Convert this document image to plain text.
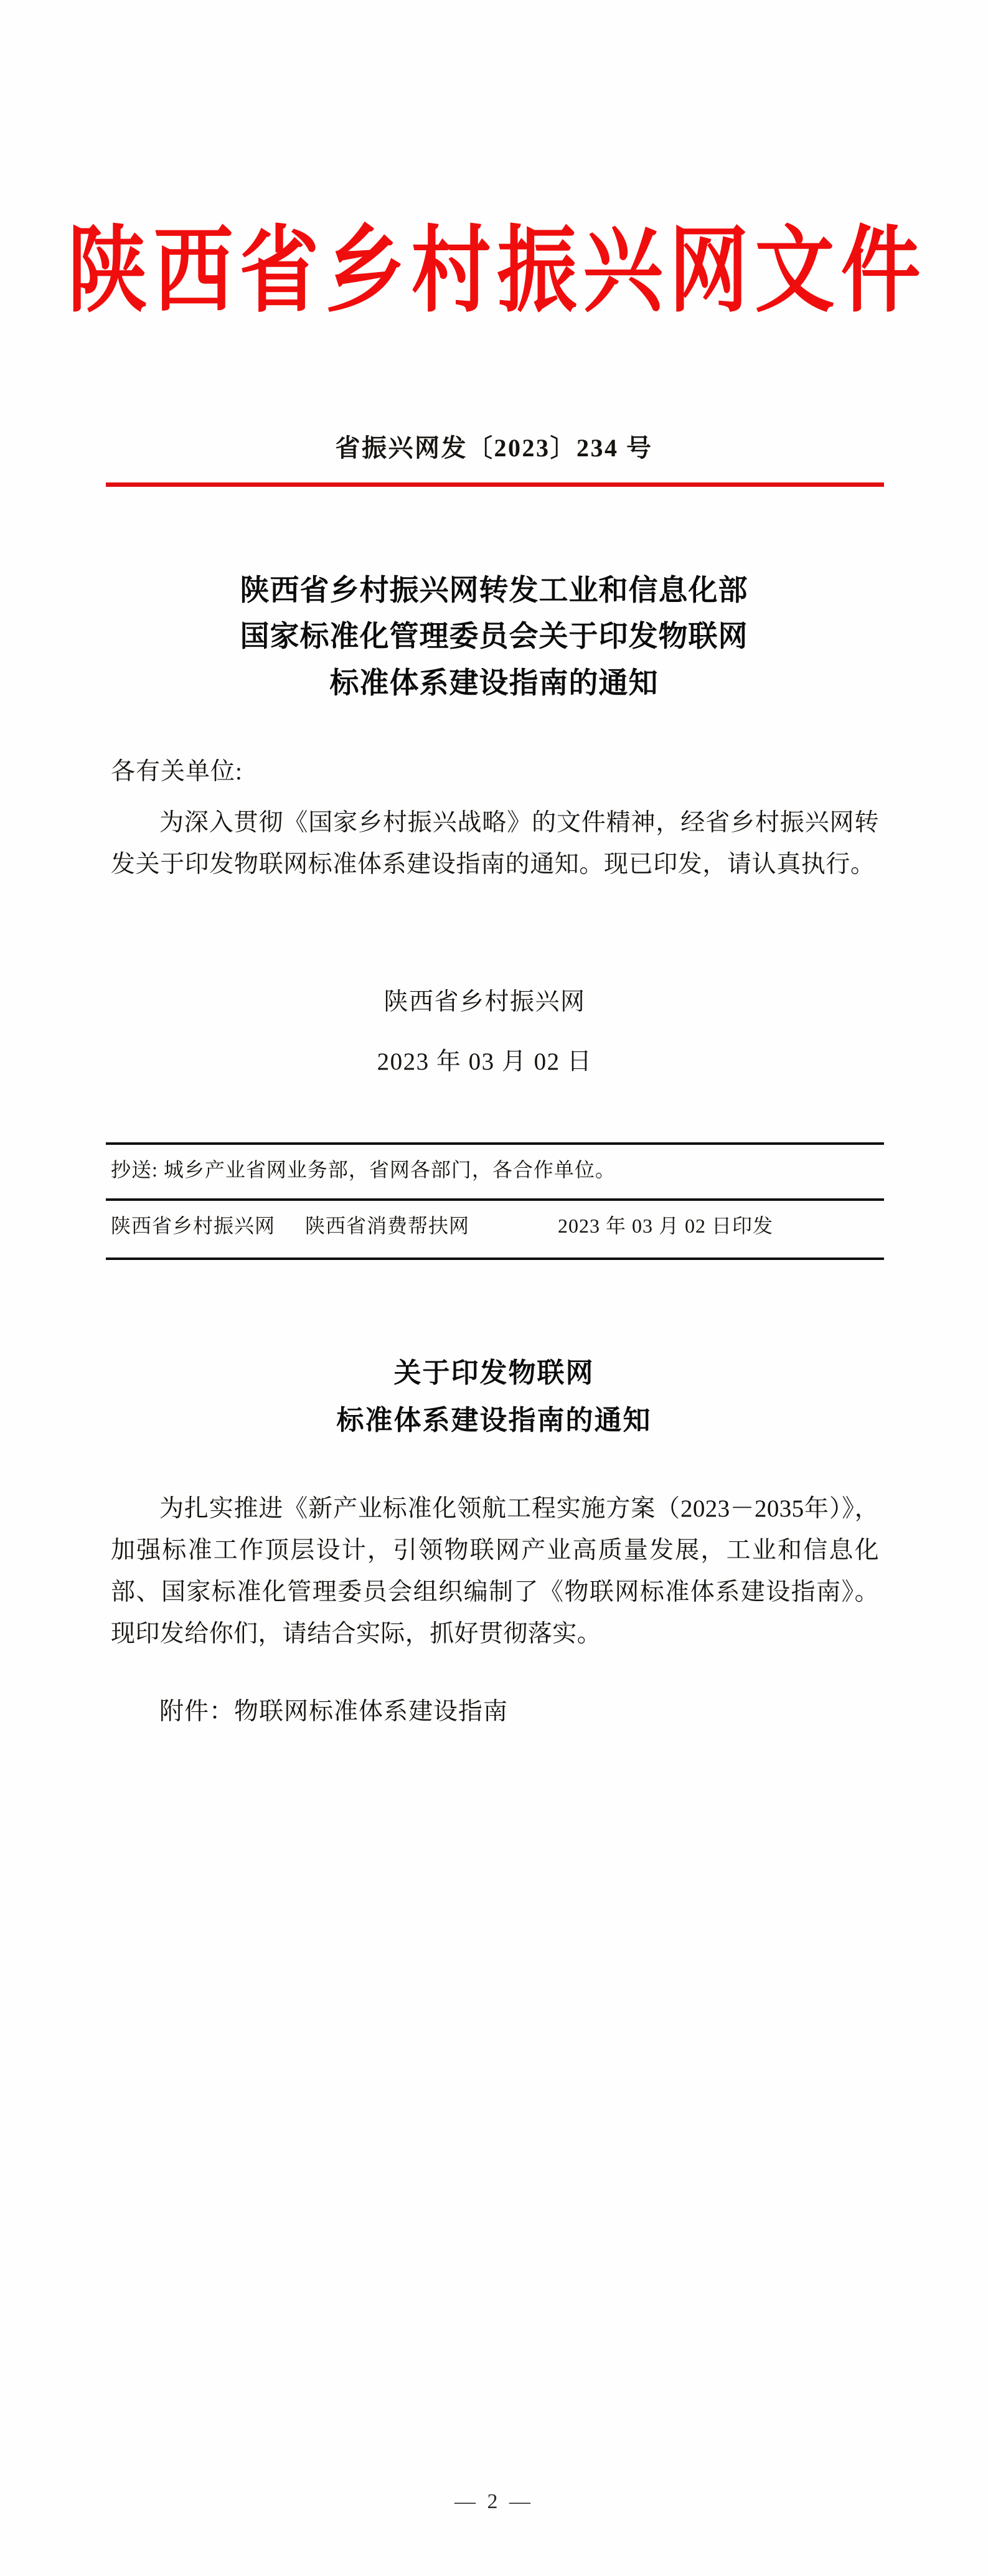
陕西省乡村振兴网文件
省振兴网发〔2023〕234 号
陕西省乡村振兴网转发工业和信息化部
国家标准化管理委员会关于印发物联网
标准体系建设指南的通知
各有关单位:
为深入贯彻《国家乡村振兴战略》的文件精神，经省乡村振兴网转发关于印发物联网标准体系建设指南的通知。现已印发，请认真执行。
陕西省乡村振兴网
2023 年 03 月 02 日
抄送: 城乡产业省网业务部，省网各部门，各合作单位。
陕西省乡村振兴网 陕西省消费帮扶网	2023 年 03 月 02 日印发
关于印发物联网
标准体系建设指南的通知
为扎实推进《新产业标准化领航工程实施方案（2023－2035年）》，加强标准工作顶层设计，引领物联网产业高质量发展，工业和信息化部、国家标准化管理委员会组织编制了《物联网标准体系建设指南》。现印发给你们，请结合实际，抓好贯彻落实。
附件：物联网标准体系建设指南
— 2 —
